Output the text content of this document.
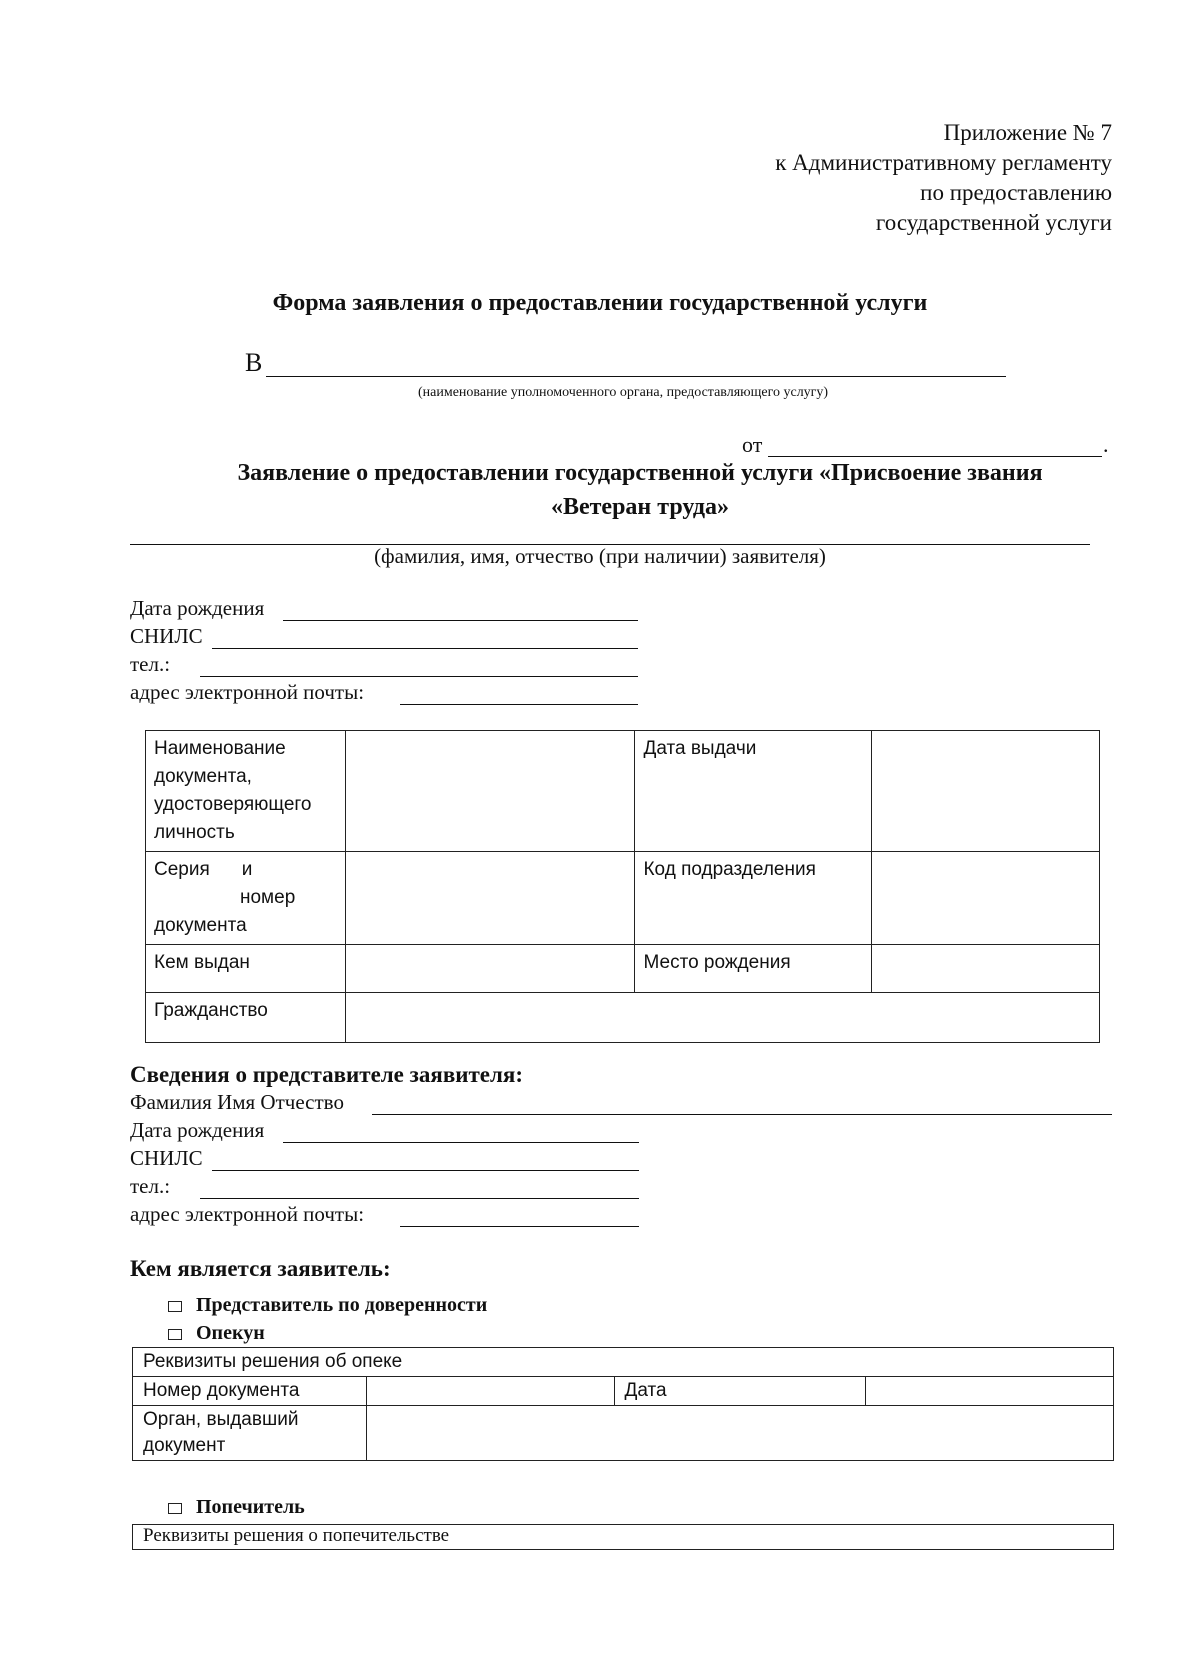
Приложение № 7
к Административному регламенту
по предоставлению
государственной услуги
Форма заявления о предоставлении государственной услуги
В
(наименование уполномоченного органа, предоставляющего услугу)
от	.
Заявление о предоставлении государственной услуги «Присвоение звания
«Ветеран труда»
(фамилия, имя, отчество (при наличии) заявителя)
Дата рождения
СНИЛС
тел.:
адрес электронной почты:
Наименование документа, удостоверяющего личность		Дата выдачи	

Серия и
номер
документа		Код подразделения	
Кем выдан		Место рождения	
Гражданство			
Сведения о представителе заявителя:
Фамилия Имя Отчество
Дата рождения
СНИЛС
тел.:
адрес электронной почты:
Кем является заявитель:
Представитель по доверенности
Опекун
Реквизиты решения об опеке			
Номер документа		Дата	

Орган, выдавший
документ			

Попечитель
Реквизиты решения о попечительстве
